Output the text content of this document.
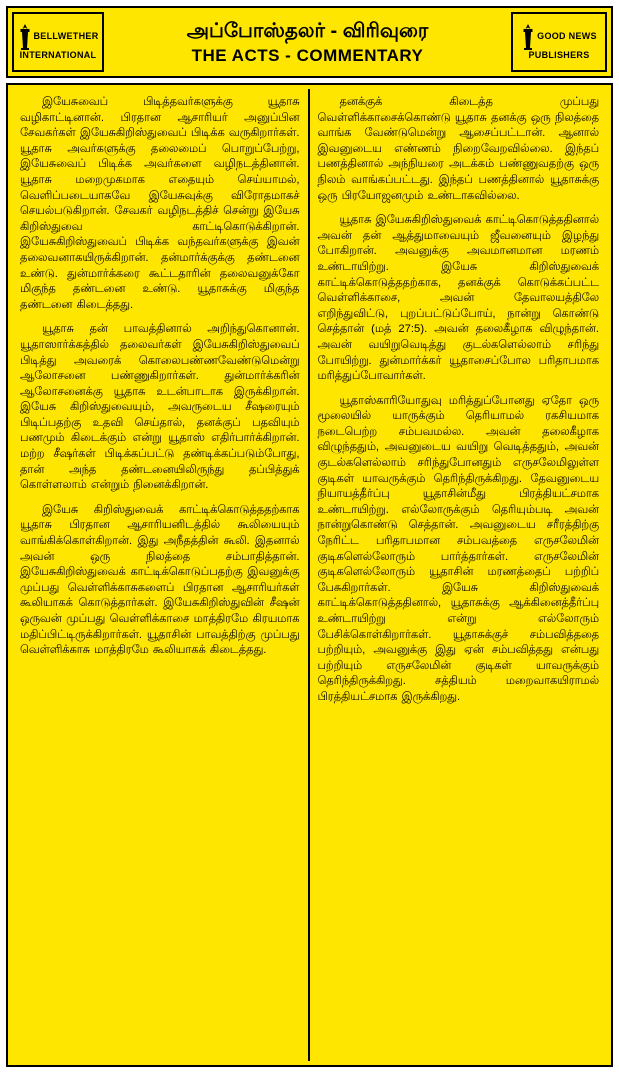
BELLWETHER
INTERNATIONAL
அப்போஸ்தலர் - விரிவுரை
THE ACTS - COMMENTARY
GOOD NEWS
PUBLISHERS

இயேசுவைப் பிடித்தவர்களுக்கு யூதாசு வழிகாட்டினான். பிரதான ஆசாரியர் அனுப்பின சேவகர்கள் இயேசுகிறிஸ்துவைப் பிடிக்க வருகிறார்கள். யூதாசு அவர்களுக்கு தலைமைப் பொறுப்பேற்று, இயேசுவைப் பிடிக்க அவர்களை வழிநடத்தினான். யூதாசு மறைமுகமாக எதையும் செய்யாமல், வெளிப்படையாகவே இயேசுவுக்கு விரோதமாகச் செயல்படுகிறான். சேவகர் வழிநடத்திச் சென்று இயேசு கிறிஸ்துவை காட்டிகொடுக்கிறான். இயேசுகிறிஸ்துவைப் பிடிக்க வந்தவர்களுக்கு இவன் தலைவனாகயிருக்கிறான். தன்மார்க்குக்கு தண்டனை உண்டு. துன்மார்க்கரை கூட்டதாரின் தலைவனுக்கோ மிகுந்த தண்டனை உண்டு. யூதாசுக்கு மிகுந்த தண்டனை கிடைத்தது.

யூதாசு தன் பாவத்தினால் அறிந்துகொனான். யூதாஸார்க்கத்தில் தலைவர்கள் இயேசுகிறிஸ்துவைப் பிடித்து அவரைக் கொலைபண்ணவேண்டுமென்று ஆலோசனை பண்ணுகிறார்கள். துன்மார்க்கரின் ஆலோசனைக்கு யூதாசு உடன்பாடாக இருக்கிறான். இயேசு கிறிஸ்துவையும், அவருடைய சீஷரையும் பிடிப்பதற்கு உதவி செய்தால், தனக்குப் பதவியும் பணமும் கிடைக்கும் என்று யூதாஸ் எதிர்பார்க்கிறான். மற்ற சீஷர்கள் பிடிக்கப்பட்டு தண்டிக்கப்படும்போது, தான் அந்த தண்டனையிலிருந்து தப்பித்துக் கொள்ளலாம் என்றும் நினைக்கிறான்.

இயேசு கிறிஸ்துவைக் காட்டிக்கொடுத்ததற்காக யூதாசு பிரதான ஆசாரியனிடத்தில் கூலியையும் வாங்கிக்கொள்கிறான். இது அநீதத்தின் கூலி. இதனால் அவன் ஒரு நிலத்தை சம்பாதித்தான். இயேசுகிறிஸ்துவைக் காட்டிக்கொடுப்பதற்கு இவனுக்கு முப்பது வெள்ளிக்காசுகளைப் பிரதான ஆசாரியர்கள் கூலியாகக் கொடுத்தார்கள். இயேசுகிறிஸ்துவின் சீஷன் ஒருவன் முப்பது வெள்ளிக்காசை மாத்திரமே கிரயமாக மதிப்பிட்டிருக்கிறார்கள். யூதாசின் பாவத்திற்கு முப்பது வெள்ளிக்காசு மாத்திரமே கூலியாகக் கிடைத்தது.

தனக்குக் கிடைத்த முப்பது வெள்ளிக்காசைக்கொண்டு யூதாசு தனக்கு ஒரு நிலத்தை வாங்க வேண்டுமென்று ஆசைப்பட்டான். ஆனால் இவனுடைய எண்ணம் நிறைவேறவில்லை. இந்தப் பணத்தினால் அந்நியரை அடக்கம் பண்ணுவதற்கு ஒரு நிலம் வாங்கப்பட்டது. இந்தப் பணத்தினால் யூதாசுக்கு ஒரு பிரயோஜனமும் உண்டாகவில்லை.

யூதாசு இயேசுகிறிஸ்துவைக் காட்டிகொடுத்ததினால் அவன் தன் ஆத்துமாவையும் ஜீவனையும் இழந்து போகிறான். அவனுக்கு அவமானமான மரணம் உண்டாயிற்று. இயேசு கிறிஸ்துவைக் காட்டிக்கொடுத்ததற்காக, தனக்குக் கொடுக்கப்பட்ட வெள்ளிக்காசை, அவன் தேவாலயத்திலே எறிந்துவிட்டு, புறப்பட்டுப்போய், நான்று கொண்டு செத்தான் (மத் 27:5). அவன் தலைகீழாக விழுந்தான். அவன் வயிறுவெடித்து குடல்களெல்லாம் சரிந்து போயிற்று. துன்மார்க்கர் யூதாசைப்போல பரிதாபமாக மரித்துப்போவார்கள்.

யூதாஸ்காரியோதுவு மரித்துப்போனது ஏதோ ஒரு மூலையில் யாருக்கும் தெரியாமல் ரகசியமாக நடைபெற்ற சம்பவமல்ல. அவன் தலைகீழாக விழுந்ததும், அவனுடைய வயிறு வெடித்ததும், அவன் குடல்களெல்லாம் சரிந்துபோனதும் எருசலேமிலுள்ள குடிகள் யாவருக்கும் தெரிந்திருக்கிறது. தேவனுடைய நியாயத்தீர்ப்பு யூதாசின்மீது பிரத்தியட்சமாக உண்டாயிற்று. எல்லோருக்கும் தெரியும்படி அவன் நான்றுகொண்டு செத்தான். அவனுடைய சரீரத்திற்கு நேரிட்ட பரிதாபமான சம்பவத்தை எருசலேமின் குடிகளெல்லோரும் பார்த்தார்கள். எருசலேமின் குடிகளெல்லோரும் யூதாசின் மரணத்தைப் பற்றிப் பேசுகிறார்கள். இயேசு கிறிஸ்துவைக் காட்டிக்கொடுத்ததினால், யூதாசுக்கு ஆக்கினைத்தீர்ப்பு உண்டாயிற்று என்று எல்லோரும் பேசிக்கொள்கிறார்கள். யூதாசுக்குச் சம்பவித்ததை பற்றியும், அவனுக்கு இது ஏன் சம்பவித்தது என்பது பற்றியும் எருசலேமின் குடிகள் யாவருக்கும் தெரிந்திருக்கிறது. சத்தியம் மறைவாகயிராமல் பிரத்தியட்சமாக இருக்கிறது.
